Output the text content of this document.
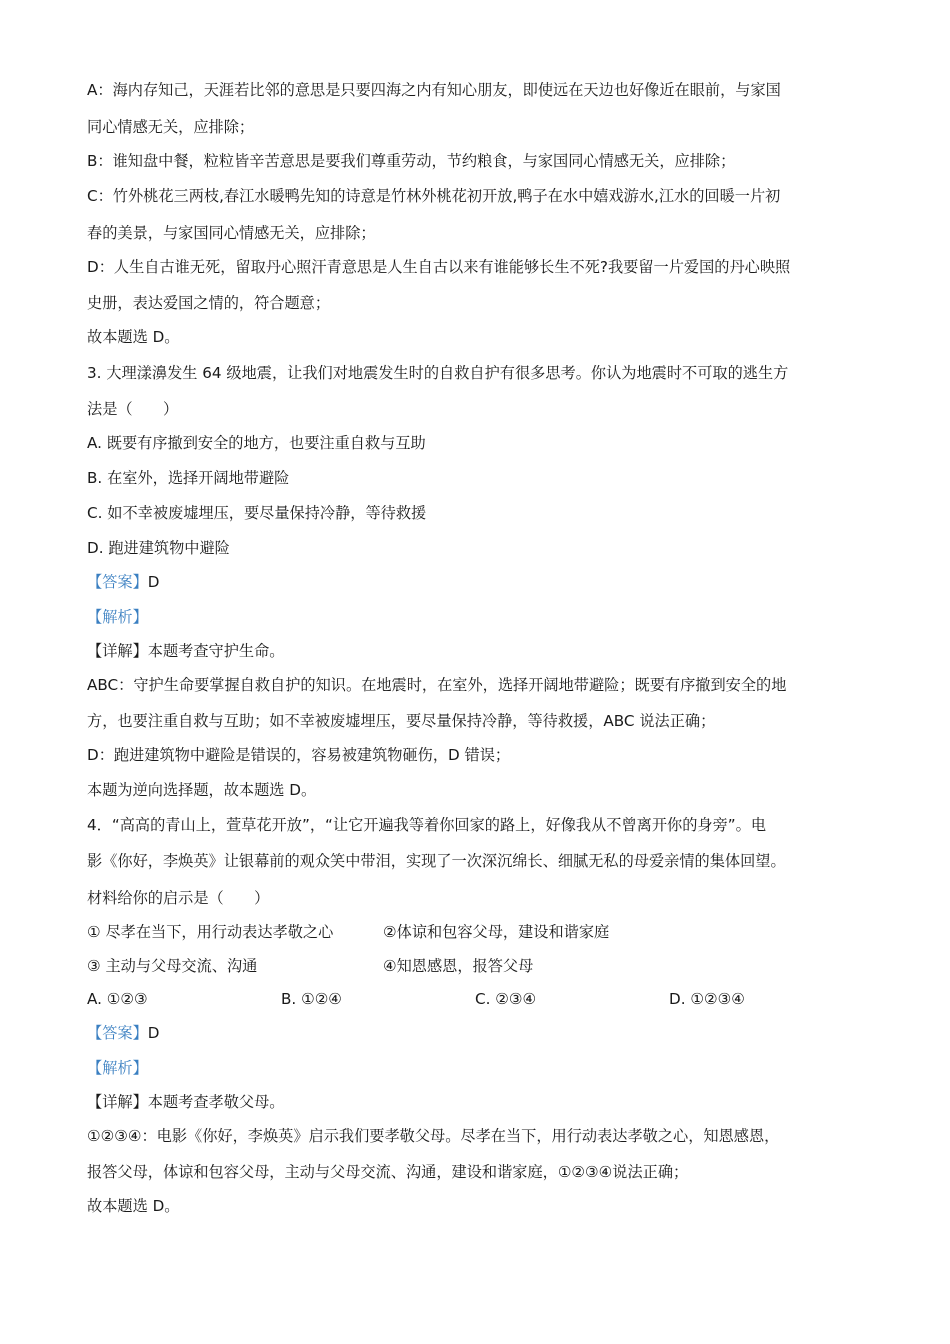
A：海内存知己，天涯若比邻的意思是只要四海之内有知心朋友，即使远在天边也好像近在眼前，与家国
同心情感无关，应排除；
B：谁知盘中餐，粒粒皆辛苦意思是要我们尊重劳动，节约粮食，与家国同心情感无关，应排除；
C：竹外桃花三两枝,春江水暖鸭先知的诗意是竹林外桃花初开放,鸭子在水中嬉戏游水,江水的回暖一片初
春的美景，与家国同心情感无关，应排除；
D：人生自古谁无死，留取丹心照汗青意思是人生自古以来有谁能够长生不死?我要留一片爱国的丹心映照
史册，表达爱国之情的，符合题意；
故本题选 D。
3. 大理漾濞发生 64 级地震，让我们对地震发生时的自救自护有很多思考。你认为地震时不可取的逃生方
法是（　　）
A. 既要有序撤到安全的地方，也要注重自救与互助
B. 在室外，选择开阔地带避险
C. 如不幸被废墟埋压，要尽量保持冷静，等待救援
D. 跑进建筑物中避险
【答案】D
【解析】
【详解】本题考查守护生命。
ABC：守护生命要掌握自救自护的知识。在地震时，在室外，选择开阔地带避险；既要有序撤到安全的地
方，也要注重自救与互助；如不幸被废墟埋压，要尽量保持冷静，等待救援，ABC 说法正确；
D：跑进建筑物中避险是错误的，容易被建筑物砸伤，D 错误；
本题为逆向选择题，故本题选 D。
4．“高高的青山上，萱草花开放”，“让它开遍我等着你回家的路上，好像我从不曾离开你的身旁”。电
影《你好，李焕英》让银幕前的观众笑中带泪，实现了一次深沉绵长、细腻无私的母爱亲情的集体回望。
材料给你的启示是（　　）
① 尽孝在当下，用行动表达孝敬之心	②体谅和包容父母，建设和谐家庭
③ 主动与父母交流、沟通	④知恩感恩，报答父母
A. ①②③	B. ①②④	C. ②③④	D. ①②③④
【答案】D
【解析】
【详解】本题考查孝敬父母。
①②③④：电影《你好，李焕英》启示我们要孝敬父母。尽孝在当下，用行动表达孝敬之心，知恩感恩，
报答父母，体谅和包容父母，主动与父母交流、沟通，建设和谐家庭，①②③④说法正确；
故本题选 D。
